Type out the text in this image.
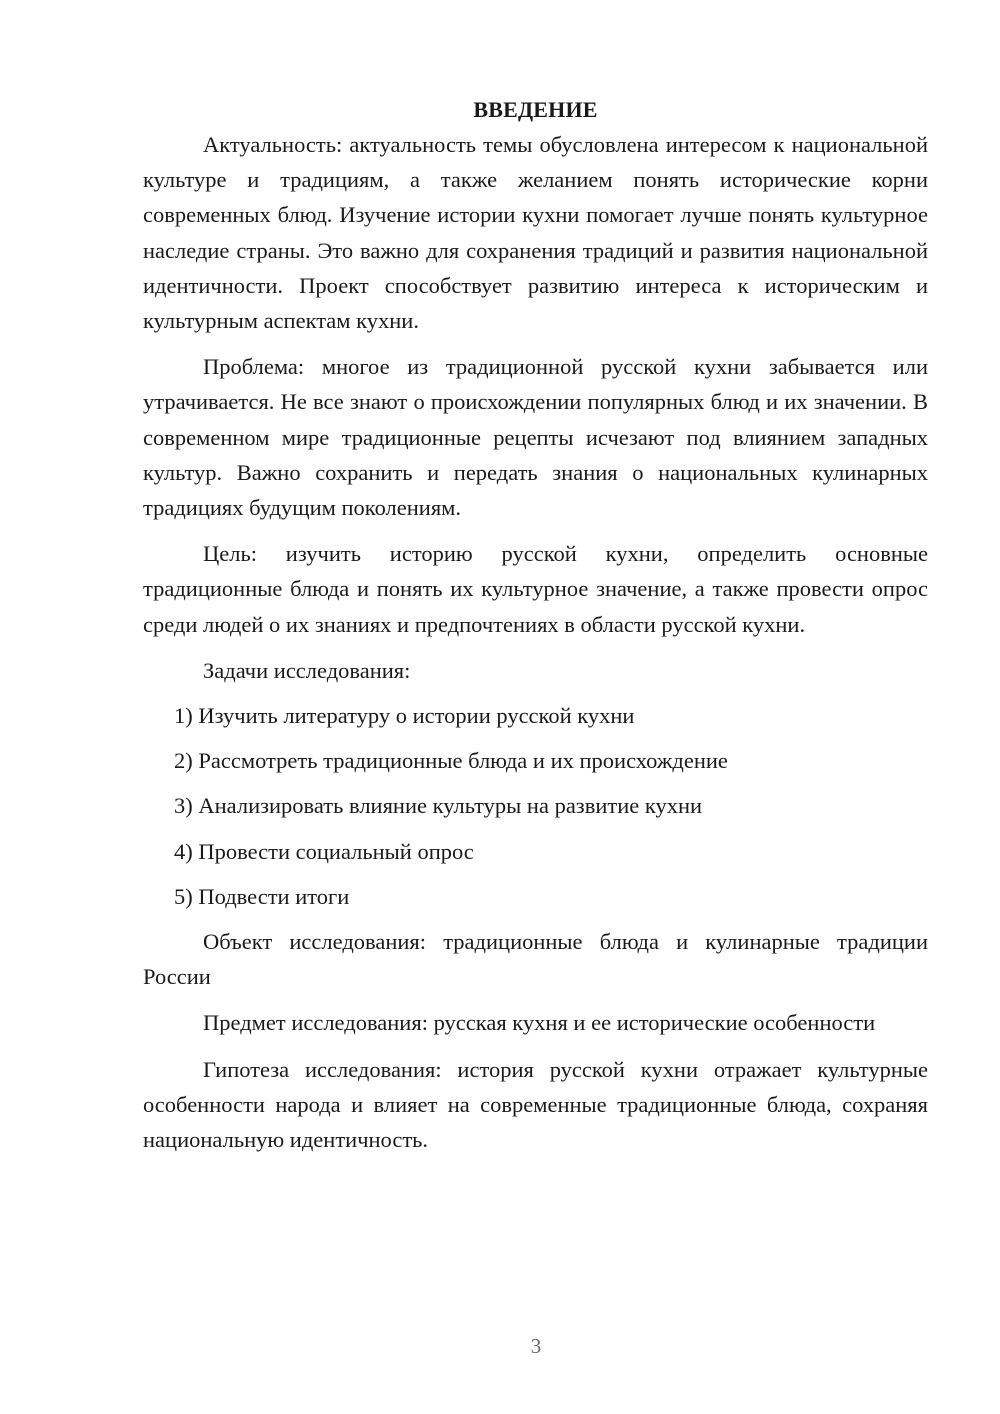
ВВЕДЕНИЕ

Актуальность: актуальность темы обусловлена интересом к национальной культуре и традициям, а также желанием понять исторические корни современных блюд. Изучение истории кухни помогает лучше понять культурное наследие страны. Это важно для сохранения традиций и развития национальной идентичности. Проект способствует развитию интереса к историческим и культурным аспектам кухни.

Проблема: многое из традиционной русской кухни забывается или утрачивается. Не все знают о происхождении популярных блюд и их значении. В современном мире традиционные рецепты исчезают под влиянием западных культур. Важно сохранить и передать знания о национальных кулинарных традициях будущим поколениям.

Цель: изучить историю русской кухни, определить основные традиционные блюда и понять их культурное значение, а также провести опрос среди людей о их знаниях и предпочтениях в области русской кухни.

Задачи исследования:

1) Изучить литературу о истории русской кухни
2) Рассмотреть традиционные блюда и их происхождение
3) Анализировать влияние культуры на развитие кухни
4) Провести социальный опрос
5) Подвести итоги

Объект исследования: традиционные блюда и кулинарные традиции России

Предмет исследования: русская кухня и ее исторические особенности

Гипотеза исследования: история русской кухни отражает культурные особенности народа и влияет на современные традиционные блюда, сохраняя национальную идентичность.

3
